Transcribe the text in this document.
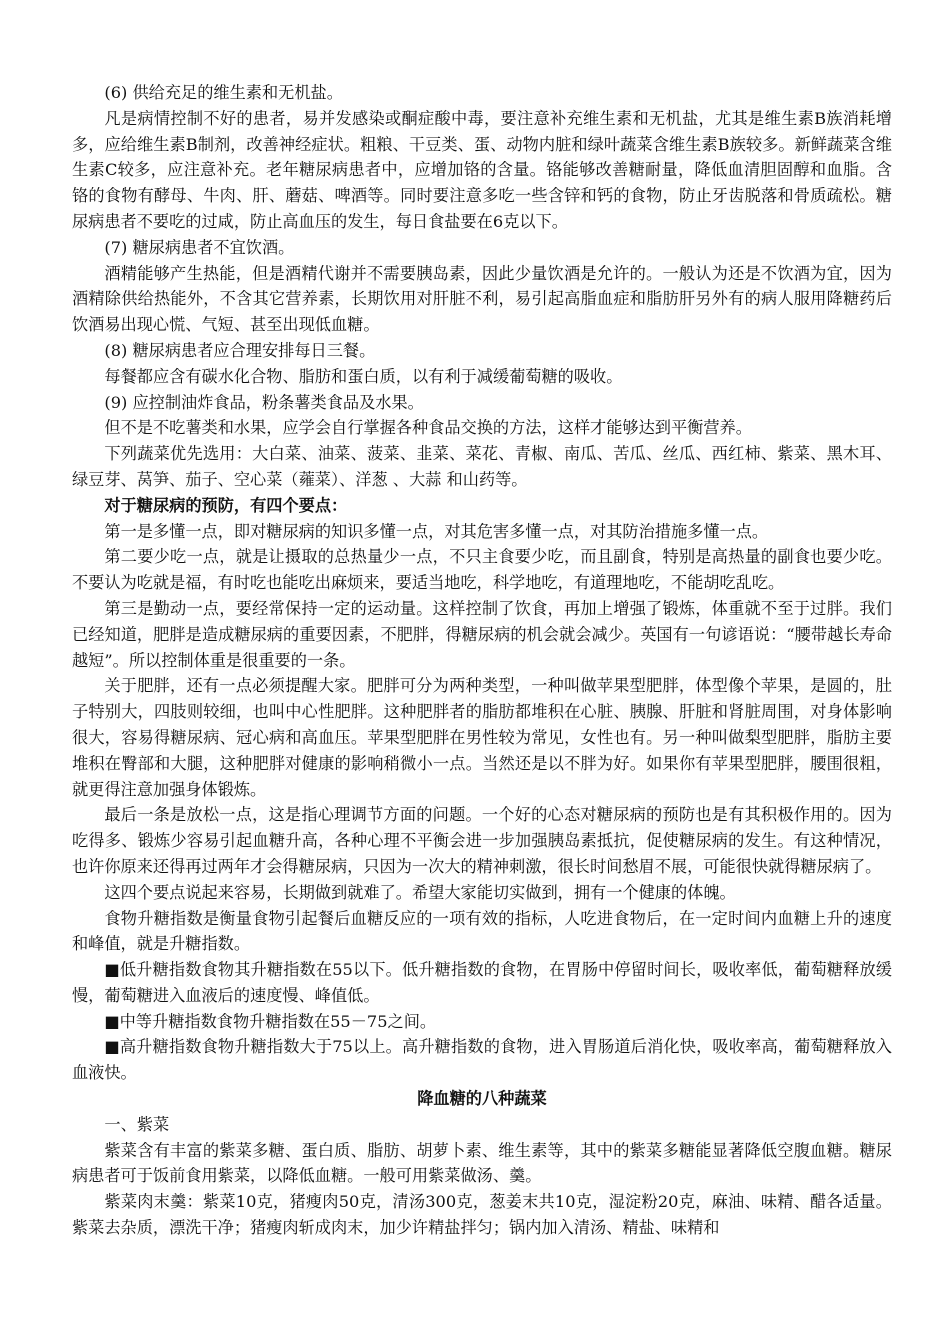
(6) 供给充足的维生素和无机盐。

凡是病情控制不好的患者，易并发感染或酮症酸中毒，要注意补充维生素和无机盐，尤其是维生素B族消耗增多，应给维生素B制剂，改善神经症状。粗粮、干豆类、蛋、动物内脏和绿叶蔬菜含维生素B族较多。新鲜蔬菜含维生素C较多，应注意补充。老年糖尿病患者中，应增加铬的含量。铬能够改善糖耐量，降低血清胆固醇和血脂。含铬的食物有酵母、牛肉、肝、蘑菇、啤酒等。同时要注意多吃一些含锌和钙的食物，防止牙齿脱落和骨质疏松。糖尿病患者不要吃的过咸，防止高血压的发生，每日食盐要在6克以下。

(7) 糖尿病患者不宜饮酒。

酒精能够产生热能，但是酒精代谢并不需要胰岛素，因此少量饮酒是允许的。一般认为还是不饮酒为宜，因为酒精除供给热能外，不含其它营养素，长期饮用对肝脏不利，易引起高脂血症和脂肪肝另外有的病人服用降糖药后饮酒易出现心慌、气短、甚至出现低血糖。

(8) 糖尿病患者应合理安排每日三餐。

每餐都应含有碳水化合物、脂肪和蛋白质，以有利于减缓葡萄糖的吸收。

(9) 应控制油炸食品，粉条薯类食品及水果。

但不是不吃薯类和水果，应学会自行掌握各种食品交换的方法，这样才能够达到平衡营养。

下列蔬菜优先选用：大白菜、油菜、菠菜、韭菜、菜花、青椒、南瓜、苦瓜、丝瓜、西红柿、紫菜、黑木耳、绿豆芽、莴笋、茄子、空心菜（蕹菜）、洋葱 、大蒜 和山药等。

对于糖尿病的预防，有四个要点：

第一是多懂一点，即对糖尿病的知识多懂一点，对其危害多懂一点，对其防治措施多懂一点。

第二要少吃一点，就是让摄取的总热量少一点，不只主食要少吃，而且副食，特别是高热量的副食也要少吃。不要认为吃就是福，有时吃也能吃出麻烦来，要适当地吃，科学地吃，有道理地吃，不能胡吃乱吃。

第三是勤动一点，要经常保持一定的运动量。这样控制了饮食，再加上增强了锻炼，体重就不至于过胖。我们已经知道，肥胖是造成糖尿病的重要因素，不肥胖，得糖尿病的机会就会减少。英国有一句谚语说：“腰带越长寿命越短”。所以控制体重是很重要的一条。

关于肥胖，还有一点必须提醒大家。肥胖可分为两种类型，一种叫做苹果型肥胖，体型像个苹果，是圆的，肚子特别大，四肢则较细，也叫中心性肥胖。这种肥胖者的脂肪都堆积在心脏、胰腺、肝脏和肾脏周围，对身体影响很大，容易得糖尿病、冠心病和高血压。苹果型肥胖在男性较为常见，女性也有。另一种叫做梨型肥胖，脂肪主要堆积在臀部和大腿，这种肥胖对健康的影响稍微小一点。当然还是以不胖为好。如果你有苹果型肥胖，腰围很粗，就更得注意加强身体锻炼。

最后一条是放松一点，这是指心理调节方面的问题。一个好的心态对糖尿病的预防也是有其积极作用的。因为吃得多、锻炼少容易引起血糖升高，各种心理不平衡会进一步加强胰岛素抵抗，促使糖尿病的发生。有这种情况，也许你原来还得再过两年才会得糖尿病，只因为一次大的精神刺激，很长时间愁眉不展，可能很快就得糖尿病了。

这四个要点说起来容易，长期做到就难了。希望大家能切实做到，拥有一个健康的体魄。

食物升糖指数是衡量食物引起餐后血糖反应的一项有效的指标，人吃进食物后，在一定时间内血糖上升的速度和峰值，就是升糖指数。

■低升糖指数食物其升糖指数在55以下。低升糖指数的食物，在胃肠中停留时间长，吸收率低，葡萄糖释放缓慢，葡萄糖进入血液后的速度慢、峰值低。

■中等升糖指数食物升糖指数在55－75之间。

■高升糖指数食物升糖指数大于75以上。高升糖指数的食物，进入胃肠道后消化快，吸收率高，葡萄糖释放入血液快。

降血糖的八种蔬菜

一、紫菜

紫菜含有丰富的紫菜多糖、蛋白质、脂肪、胡萝卜素、维生素等，其中的紫菜多糖能显著降低空腹血糖。糖尿病患者可于饭前食用紫菜，以降低血糖。一般可用紫菜做汤、羹。

紫菜肉末羹：紫菜10克，猪瘦肉50克，清汤300克，葱姜末共10克，湿淀粉20克，麻油、味精、醋各适量。紫菜去杂质，漂洗干净；猪瘦肉斩成肉末，加少许精盐拌匀；锅内加入清汤、精盐、味精和
